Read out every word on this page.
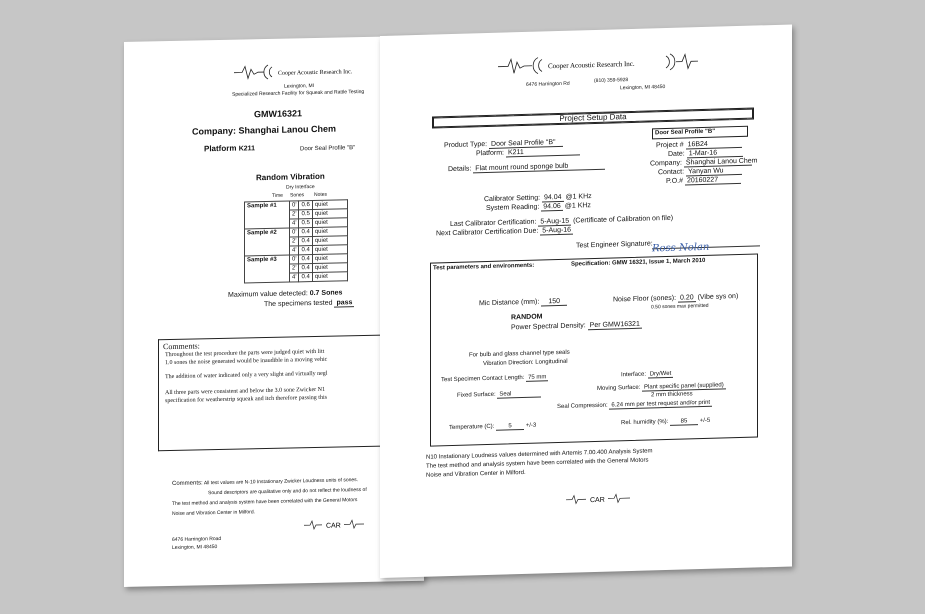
Cooper Acoustic Research Inc.
Lexington, MI
Specialized Research Facility for Squeak and Rattle Testing
GMW16321
Company: Shanghai Lanou Chem
Platform K211	Door Seal Profile "B"
Random Vibration
Dry Interface
Time Sones Notes
Sample #1	0'	0.6	quiet
	2'	0.5	quiet
	4'	0.5	quiet
Sample #2	0'	0.4	quiet
	2'	0.4	quiet
	4'	0.4	quiet
Sample #3	0'	0.4	quiet
	2'	0.4	quiet
	4'	0.4	quiet
Maximum value detected: 0.7 Sones
The specimens tested pass
Comments:
Throughout the test procedure the parts were judged quiet with litt
1.0 sones the noise generated would be inaudible in a moving vehic
The addition of water indicated only a very slight and virtually negl
All three parts were consistent and below the 3.0 sone Zwicker N1
specification for weatherstrip squeak and itch therefore passing this
Comments: All test values are N-10 Instationary Zwicker Loudness units of sones.
Sound descriptors are qualitative only and do not reflect the loudness of
The test method and analysis system have been correlated with the General Motors
Noise and Vibration Center in Milford.
CAR
6476 Harrington Road
Lexington, MI 48450
Cooper Acoustic Research Inc.
6476 Harrington Rd
(810) 359-5928
Lexington, MI 48450
Project Setup Data
Product Type: Door Seal Profile "B"
Platform: K211
Details: Flat mount round sponge bulb
Door Seal Profile "B"
Project # 16B24
Date: 1-Mar-16
Company: Shanghai Lanou Chem
Contact: Yanyan Wu
P.O.# 20160227
Calibrator Setting: 94.04 @1 KHz
System Reading: 94.06 @1 KHz
Last Calibrator Certification: 5-Aug-15 (Certificate of Calibration on file)
Next Calibrator Certification Due: 5-Aug-16
Test Engineer Signature: Ross Nolan
Test parameters and environments:	Specification: GMW 16321, Issue 1, March 2010
Mic Distance (mm): 150	Noise Floor (sones): 0.20 (Vibe sys on)
0.50 sones max permitted
RANDOM
Power Spectral Density: Per GMW16321
For bulb and glass channel type seals
Vibration Direction: Longitudinal
Test Specimen Contact Length: 75 mm	Interface: Dry/Wet
Fixed Surface: Seal
Moving Surface: Plant specific panel (supplied)
2 mm thickness
Seal Compression: 6.24 mm per test request and/or print
Temperature (C): 5 +/-3	Rel. humidity (%): 85 +/-5
N10 Instationary Loudness values determined with Artemis 7.00.400 Analysis System
The test method and analysis system have been correlated with the General Motors
Noise and Vibration Center in Milford.
CAR
